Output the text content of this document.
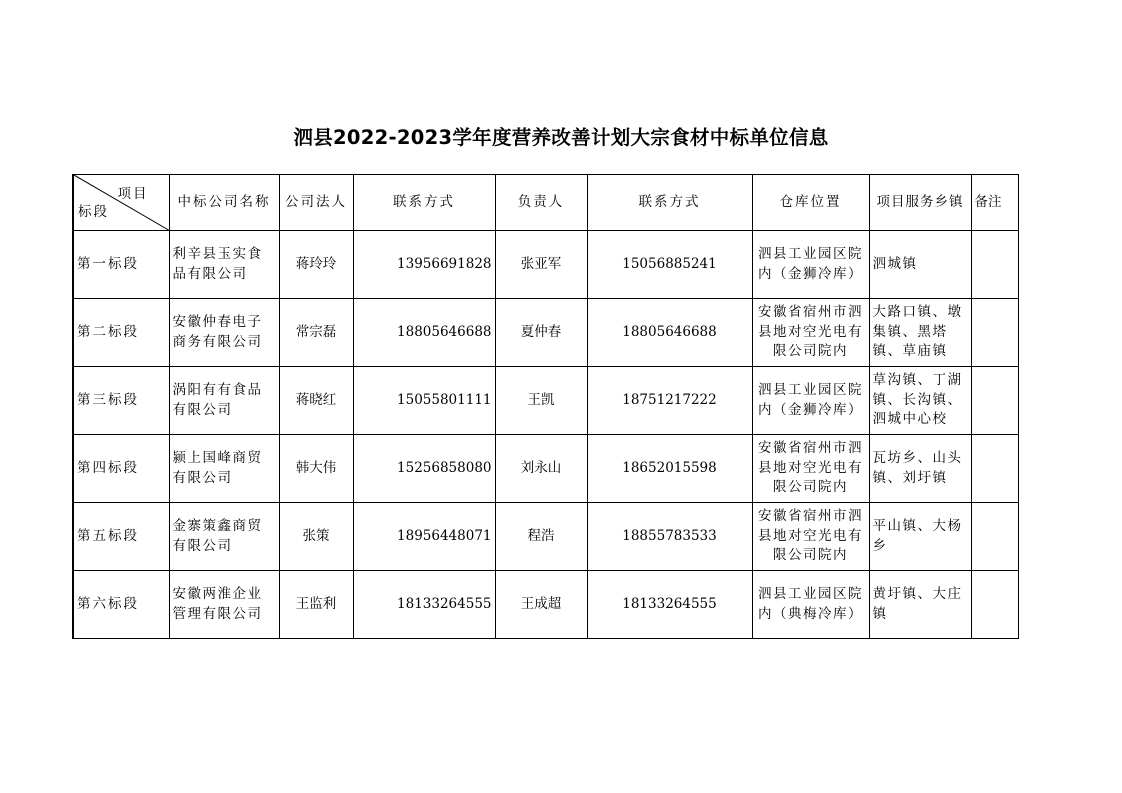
泗县2022-2023学年度营养改善计划大宗食材中标单位信息
项目
标段	中标公司名称	公司法人	联系方式	负责人	联系方式	仓库位置	项目服务乡镇	备注
第一标段	利辛县玉实食品有限公司	蒋玲玲	13956691828	张亚军	15056885241	泗县工业园区院内（金狮冷库）	泗城镇	
第二标段	安徽仲春电子商务有限公司	常宗磊	18805646688	夏仲春	18805646688	安徽省宿州市泗县地对空光电有限公司院内	大路口镇、墩集镇、黑塔镇、草庙镇	
第三标段	涡阳有有食品有限公司	蒋晓红	15055801111	王凯	18751217222	泗县工业园区院内（金狮冷库）	草沟镇、丁湖镇、长沟镇、泗城中心校	
第四标段	颍上国峰商贸有限公司	韩大伟	15256858080	刘永山	18652015598	安徽省宿州市泗县地对空光电有限公司院内	瓦坊乡、山头镇、刘圩镇	
第五标段	金寨策鑫商贸有限公司	张策	18956448071	程浩	18855783533	安徽省宿州市泗县地对空光电有限公司院内	平山镇、大杨乡	
第六标段	安徽两淮企业管理有限公司	王监利	18133264555	王成超	18133264555	泗县工业园区院内（典梅冷库）	黄圩镇、大庄镇	
